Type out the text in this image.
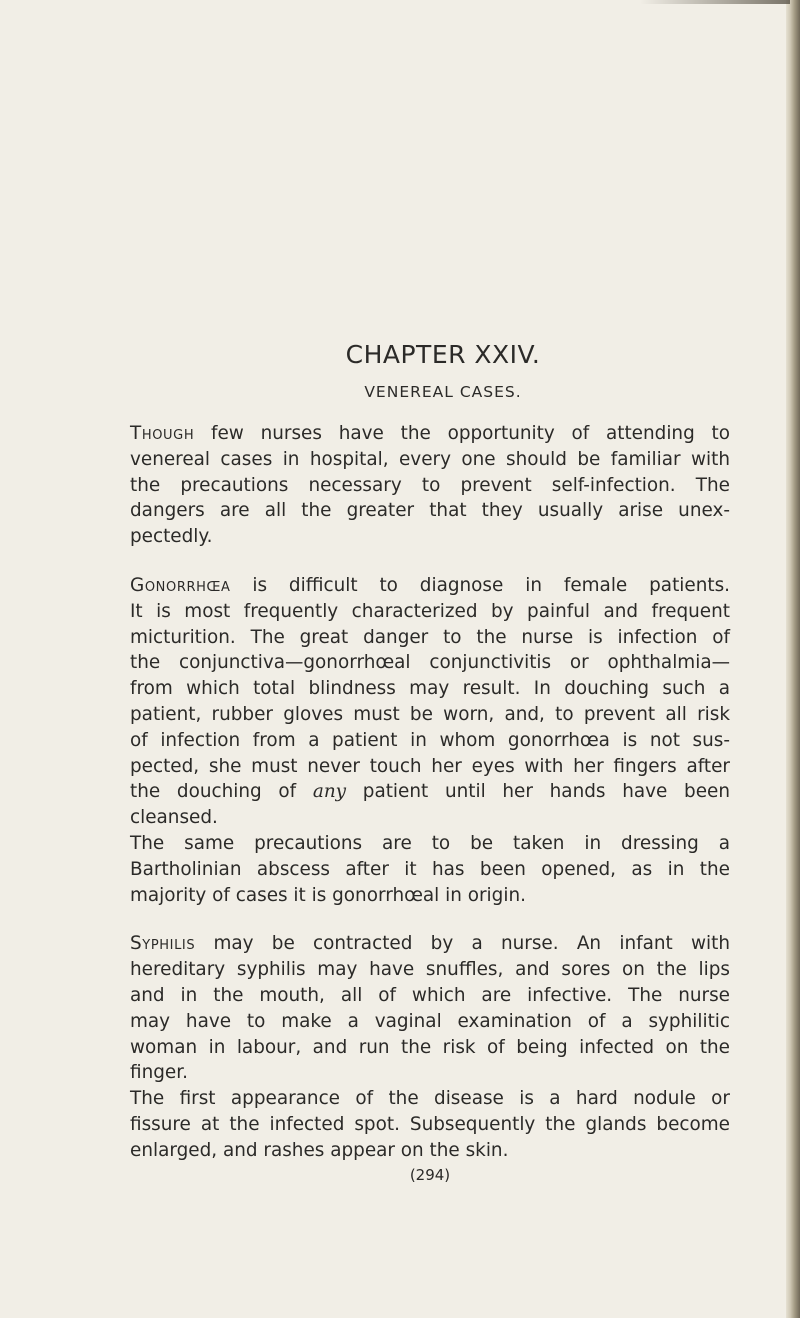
CHAPTER XXIV.
VENEREAL CASES.

Though few nurses have the opportunity of attending to
venereal cases in hospital, every one should be familiar with
the precautions necessary to prevent self-infection. The
dangers are all the greater that they usually arise unex-
pectedly.

Gonorrhœa is difficult to diagnose in female patients.
It is most frequently characterized by painful and frequent
micturition. The great danger to the nurse is infection of
the conjunctiva—gonorrhœal conjunctivitis or ophthalmia—
from which total blindness may result. In douching such a
patient, rubber gloves must be worn, and, to prevent all risk
of infection from a patient in whom gonorrhœa is not sus-
pected, she must never touch her eyes with her fingers after
the douching of any patient until her hands have been
cleansed.
The same precautions are to be taken in dressing a
Bartholinian abscess after it has been opened, as in the
majority of cases it is gonorrhœal in origin.

Syphilis may be contracted by a nurse. An infant with
hereditary syphilis may have snuffles, and sores on the lips
and in the mouth, all of which are infective. The nurse
may have to make a vaginal examination of a syphilitic
woman in labour, and run the risk of being infected on the
finger.
The first appearance of the disease is a hard nodule or
fissure at the infected spot. Subsequently the glands become
enlarged, and rashes appear on the skin.

(294)
